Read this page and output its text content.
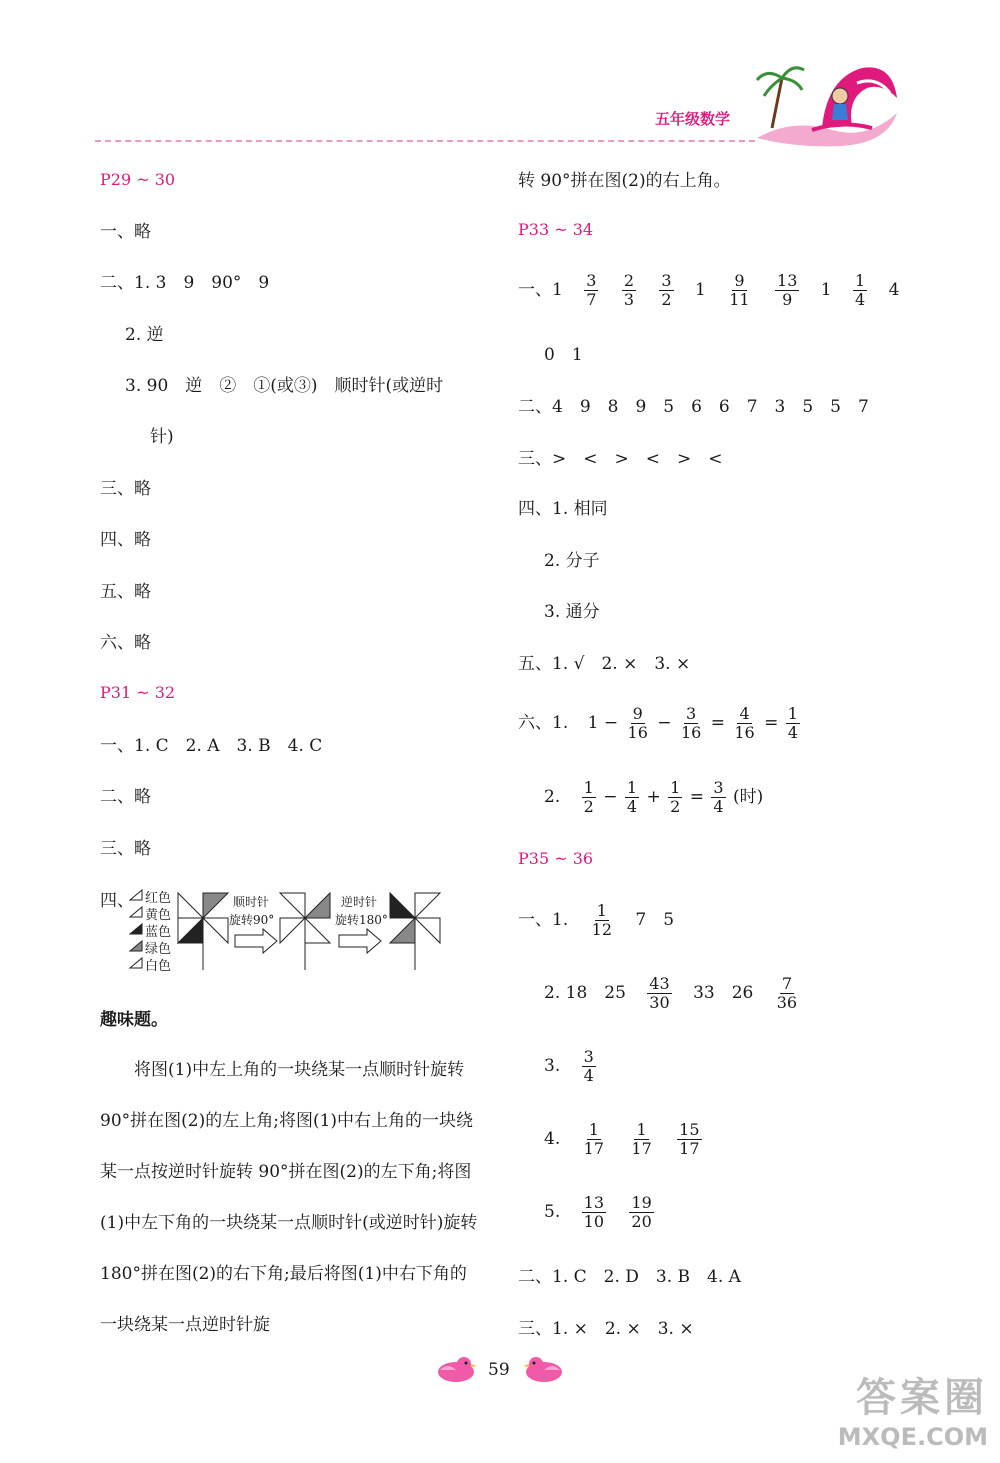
五年级数学
P29 ~ 30
一、略
二、1. 3　9　90°　9
2. 逆
3. 90　逆　②　①(或③)　顺时针(或逆时
针)
三、略
四、略
五、略
六、略
P31 ~ 32
一、1. C　2. A　3. B　4. C
二、略
三、略
四、 红色
黄色
蓝色
绿色
白色
顺时针
旋转90°
逆时针
旋转180°
趣味题。
将图(1)中左上角的一块绕某一点顺时针旋转 90°拼在图(2)的左上角;将图(1)中右上角的一块绕某一点按逆时针旋转 90°拼在图(2)的左下角;将图(1)中左下角的一块绕某一点顺时针(或逆时针)旋转 180°拼在图(2)的右下角;最后将图(1)中右下角的一块绕某一点逆时针旋
转 90°拼在图(2)的右上角。
P33 ~ 34
一、$1 \frac{3}{7}$
$\frac{2}{3}$
$\frac{3}{2} 1 \frac{9}{11}$
$\frac{13}{9} 1 \frac{1}{4} 4$
0　1
二、4　9　8　9　5　6　6　7　3　5　5　7
三、>　<　>　<　>　<
四、1. 相同
2. 分子
3. 通分
五、1. √　2. ×　3. ×
六、1. $1 - \frac{9}{16} - \frac{3}{16} = \frac{4}{16} = \frac{1}{4}$
2. $\frac{1}{2} - \frac{1}{4} + \frac{1}{2} = \frac{3}{4}$ (时)
P35 ~ 36
一、1. $\frac{1}{12} 7$　5
2. 18　$25 \frac{43}{30} 33$　$26 \frac{7}{36}$
3. $\frac{3}{4}$
4. $\frac{1}{17}$
$\frac{1}{17}$
$\frac{15}{17}$
5. $\frac{13}{10}$
$\frac{19}{20}$
二、1. C　2. D　3. B　4. A
三、1. ×　2. ×　3. ×
59
答案圈
MXQE.COM
